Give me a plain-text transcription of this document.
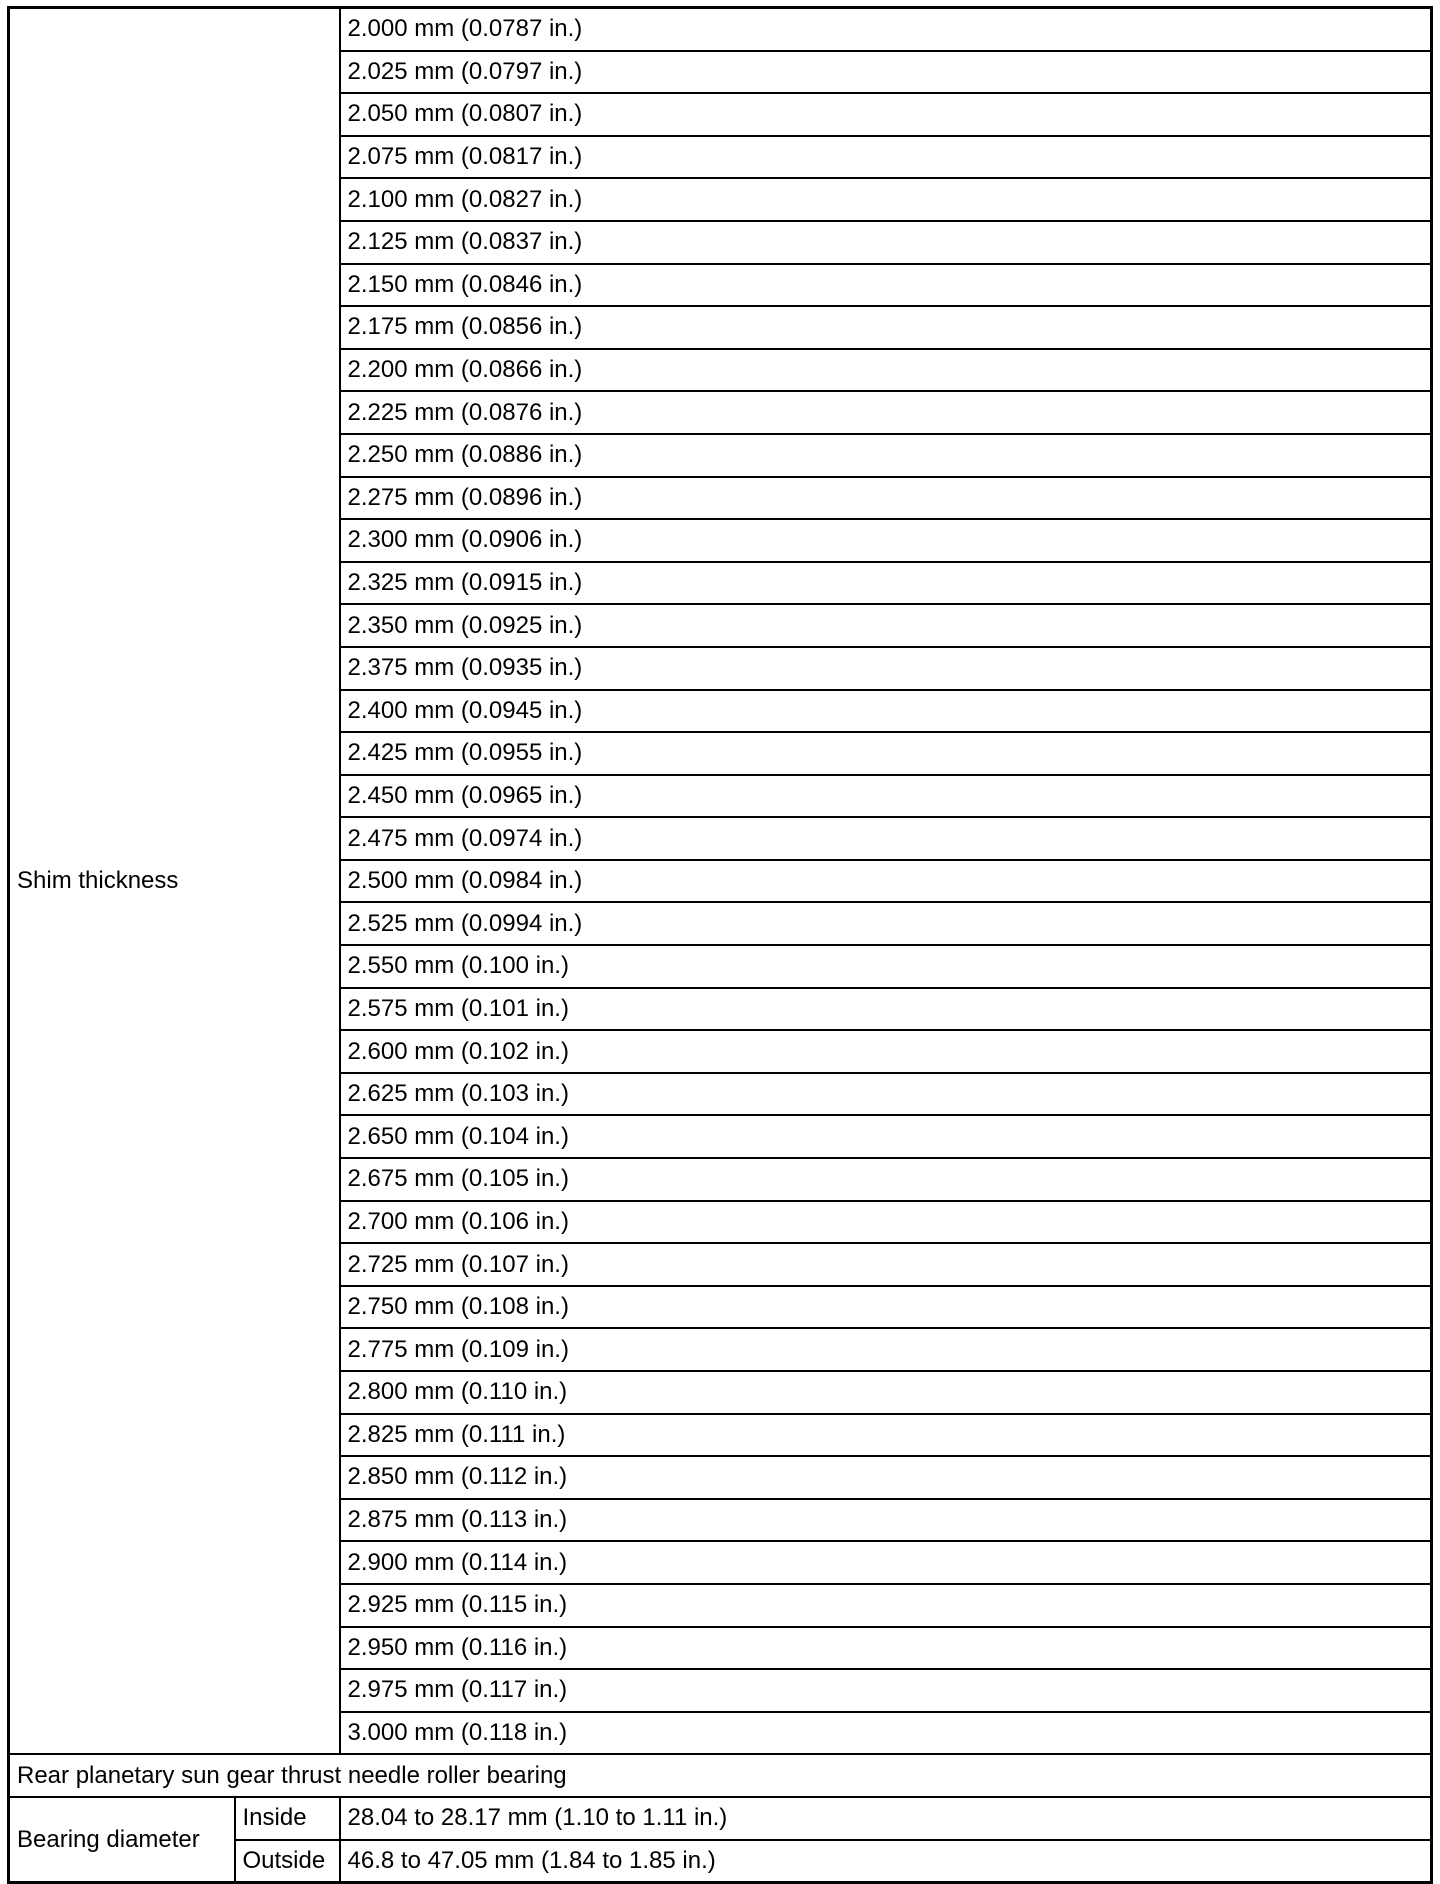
Shim thickness		2.000 mm (0.0787 in.)
		2.025 mm (0.0797 in.)
		2.050 mm (0.0807 in.)
		2.075 mm (0.0817 in.)
		2.100 mm (0.0827 in.)
		2.125 mm (0.0837 in.)
		2.150 mm (0.0846 in.)
		2.175 mm (0.0856 in.)
		2.200 mm (0.0866 in.)
		2.225 mm (0.0876 in.)
		2.250 mm (0.0886 in.)
		2.275 mm (0.0896 in.)
		2.300 mm (0.0906 in.)
		2.325 mm (0.0915 in.)
		2.350 mm (0.0925 in.)
		2.375 mm (0.0935 in.)
		2.400 mm (0.0945 in.)
		2.425 mm (0.0955 in.)
		2.450 mm (0.0965 in.)
		2.475 mm (0.0974 in.)
		2.500 mm (0.0984 in.)
		2.525 mm (0.0994 in.)
		2.550 mm (0.100 in.)
		2.575 mm (0.101 in.)
		2.600 mm (0.102 in.)
		2.625 mm (0.103 in.)
		2.650 mm (0.104 in.)
		2.675 mm (0.105 in.)
		2.700 mm (0.106 in.)
		2.725 mm (0.107 in.)
		2.750 mm (0.108 in.)
		2.775 mm (0.109 in.)
		2.800 mm (0.110 in.)
		2.825 mm (0.111 in.)
		2.850 mm (0.112 in.)
		2.875 mm (0.113 in.)
		2.900 mm (0.114 in.)
		2.925 mm (0.115 in.)
		2.950 mm (0.116 in.)
		2.975 mm (0.117 in.)
		3.000 mm (0.118 in.)
Rear planetary sun gear thrust needle roller bearing		
Bearing diameter	Inside	28.04 to 28.17 mm (1.10 to 1.11 in.)
	Outside	46.8 to 47.05 mm (1.84 to 1.85 in.)
